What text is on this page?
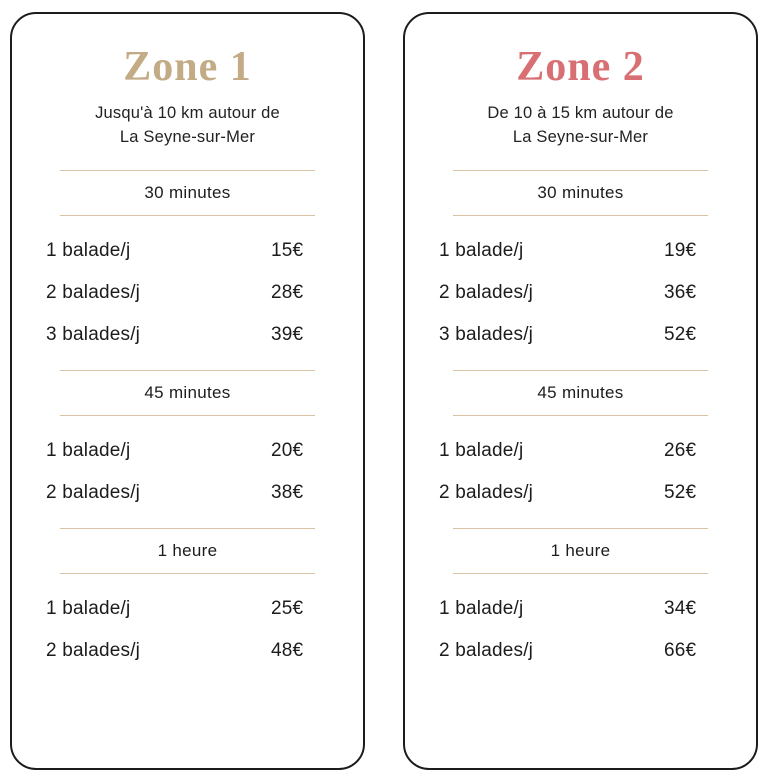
Zone 1
Jusqu'à 10 km autour de
La Seyne-sur-Mer
30 minutes
1 balade/j	15€
2 balades/j	28€
3 balades/j	39€
45 minutes
1 balade/j	20€
2 balades/j	38€
1 heure
1 balade/j	25€
2 balades/j	48€
Zone 2
De 10 à 15 km autour de
La Seyne-sur-Mer
30 minutes
1 balade/j	19€
2 balades/j	36€
3 balades/j	52€
45 minutes
1 balade/j	26€
2 balades/j	52€
1 heure
1 balade/j	34€
2 balades/j	66€
